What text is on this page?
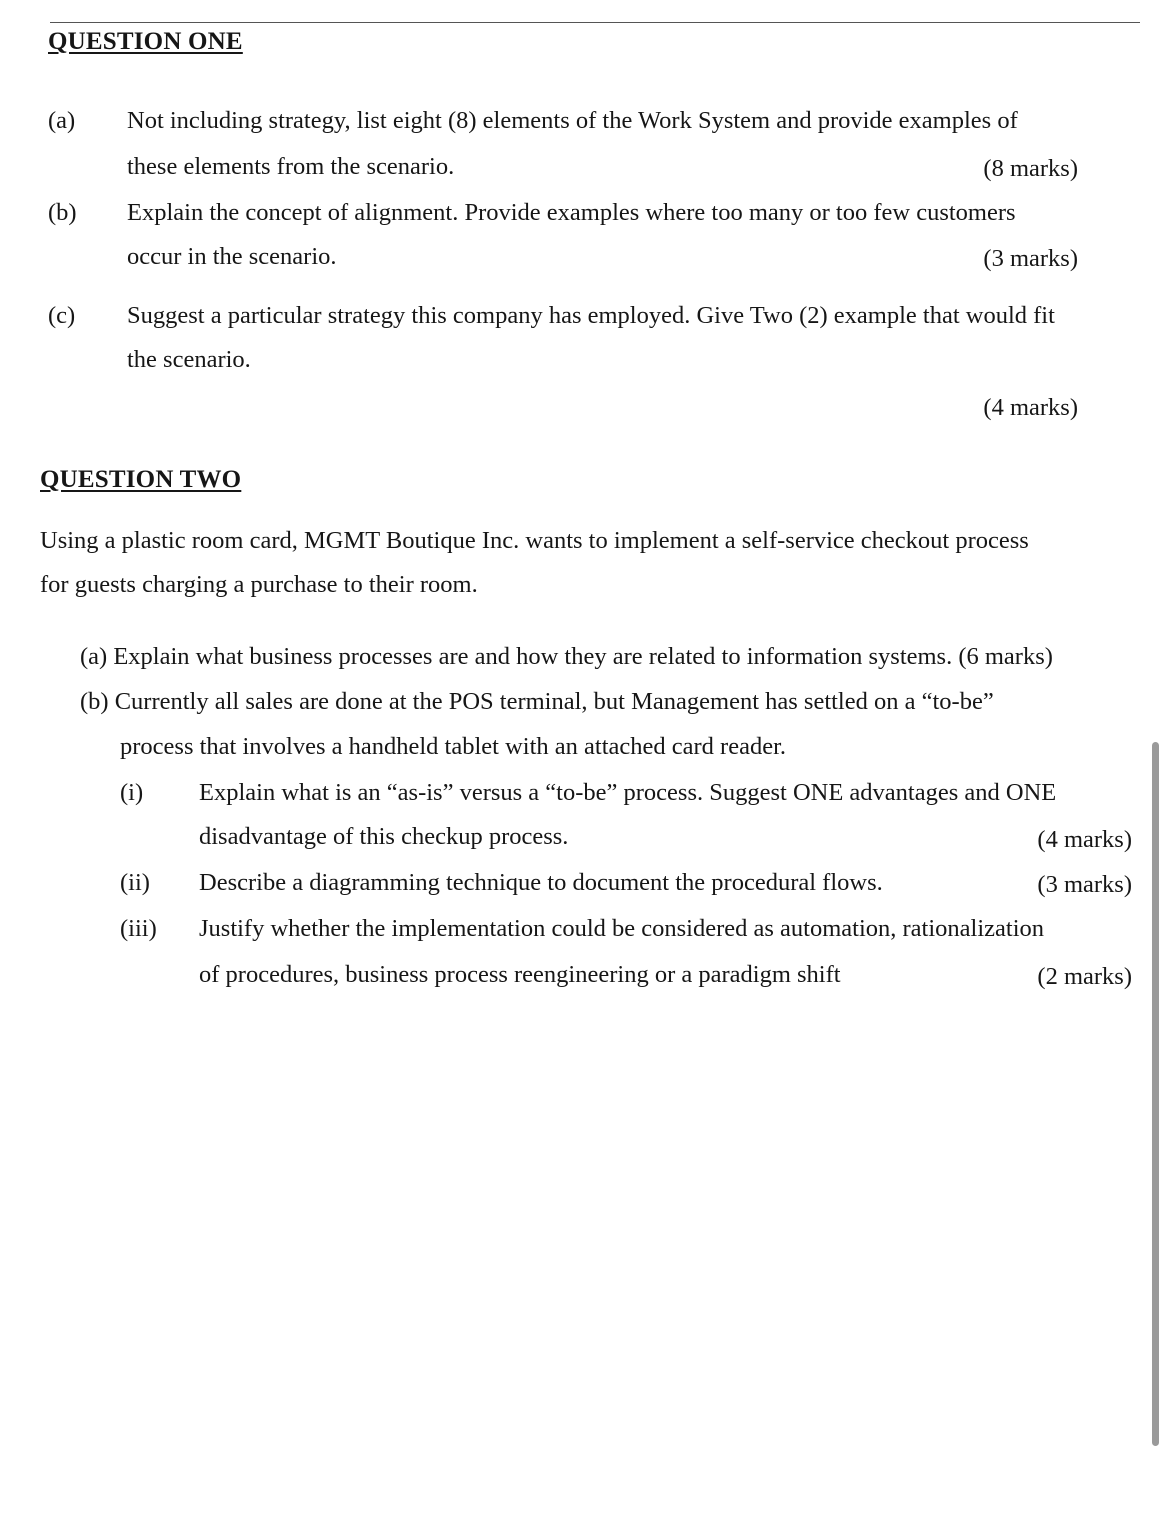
QUESTION ONE
(a) Not including strategy, list eight (8) elements of the Work System and provide examples of
these elements from the scenario.	(8 marks)
(b) Explain the concept of alignment. Provide examples where too many or too few customers
occur in the scenario.	(3 marks)
(c) Suggest a particular strategy this company has employed. Give Two (2) example that would fit
the scenario.
(4 marks)
QUESTION TWO
Using a plastic room card, MGMT Boutique Inc. wants to implement a self-service checkout process
for guests charging a purchase to their room.
(a) Explain what business processes are and how they are related to information systems. (6 marks)
(b) Currently all sales are done at the POS terminal, but Management has settled on a “to-be”
process that involves a handheld tablet with an attached card reader.
(i) Explain what is an “as-is” versus a “to-be” process. Suggest ONE advantages and ONE
disadvantage of this checkup process.	(4 marks)
(ii) Describe a diagramming technique to document the procedural flows.	(3 marks)
(iii) Justify whether the implementation could be considered as automation, rationalization
of procedures, business process reengineering or a paradigm shift	(2 marks)
